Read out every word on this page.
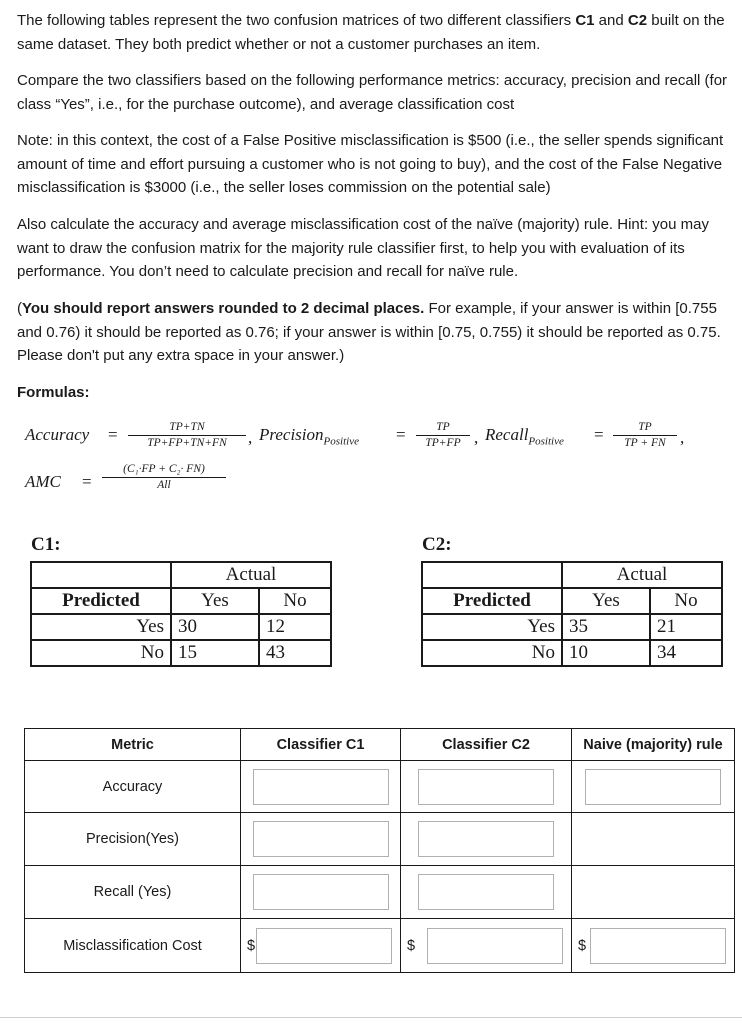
The following tables represent the two confusion matrices of two different classifiers C1 and C2 built on the same dataset. They both predict whether or not a customer purchases an item.

Compare the two classifiers based on the following performance metrics: accuracy, precision and recall (for class “Yes”, i.e., for the purchase outcome), and average classification cost

Note: in this context, the cost of a False Positive misclassification is $500 (i.e., the seller spends significant amount of time and effort pursuing a customer who is not going to buy), and the cost of the False Negative misclassification is $3000 (i.e., the seller loses commission on the potential sale)

Also calculate the accuracy and average misclassification cost of the naïve (majority) rule. Hint: you may want to draw the confusion matrix for the majority rule classifier first, to help you with evaluation of its performance. You don’t need to calculate precision and recall for naïve rule.

(You should report answers rounded to 2 decimal places. For example, if your answer is within [0.755 and 0.76) it should be reported as 0.76; if your answer is within [0.75, 0.755) it should be reported as 0.75. Please don't put any extra space in your answer.)

Formulas:

Accuracy = $\frac{TP+TN}{TP+FP+TN+FN}$ , Precision$_{Positive}$ = $\frac{TP}{TP+FP}$ , Recall$_{Positive}$ = $\frac{TP}{TP + FN}$ ,
AMC =
(C₁·FP + C₂· FN)
All
C1:
	Actual	
Predicted	Yes	No
Yes	30	12
No	15	43
C2:
	Actual	
Predicted	Yes	No
Yes	35	21
No	10	34
Metric	Classifier C1	Classifier C2	Naive (majority) rule
Accuracy			
Precision(Yes)			
Recall (Yes)			
Misclassification Cost	$	$	$
